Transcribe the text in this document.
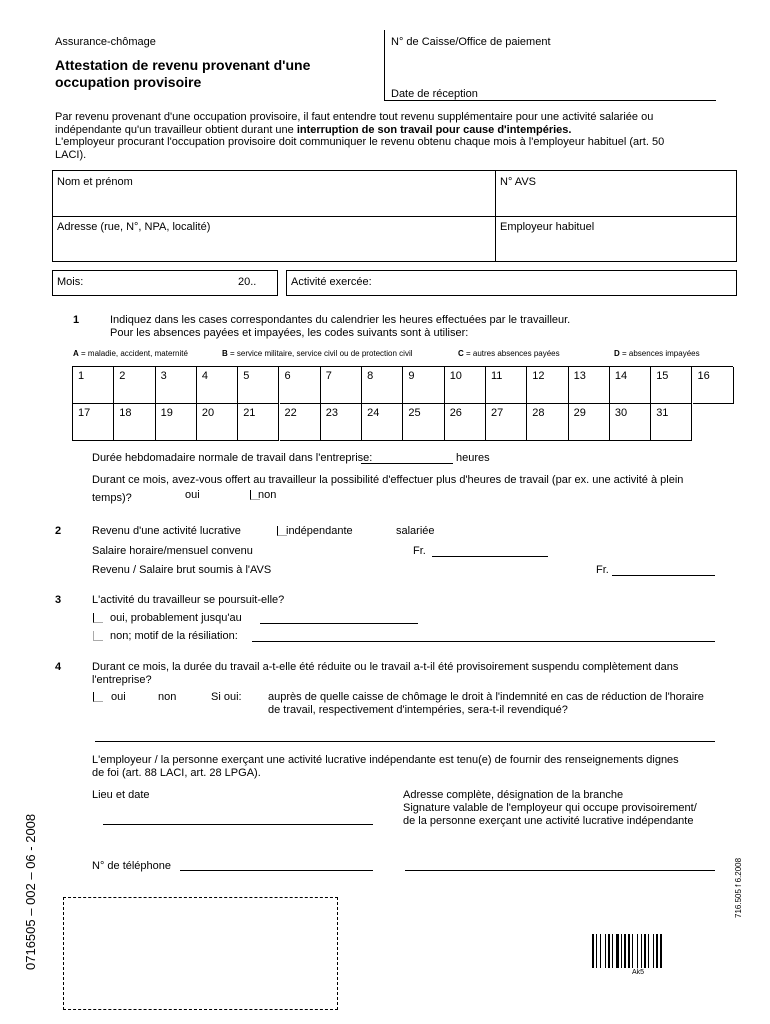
Assurance-chômage
Attestation de revenu provenant d'une
occupation provisoire
N° de Caisse/Office de paiement
Date de réception
Par revenu provenant d'une occupation provisoire, il faut entendre tout revenu supplémentaire pour une activité salariée ou
indépendante qu'un travailleur obtient durant une interruption de son travail pour cause d'intempéries.
L'employeur procurant l'occupation provisoire doit communiquer le revenu obtenu chaque mois à l'employeur habituel (art. 50
LACI).
Nom et prénom	N° AVS
Adresse (rue, N°, NPA, localité)	Employeur habituel
Mois:	20..	Activité exercée:
1	Indiquez dans les cases correspondantes du calendrier les heures effectuées par le travailleur.
Pour les absences payées et impayées, les codes suivants sont à utiliser:
A = maladie, accident, maternité	B = service militaire, service civil ou de protection civil	C = autres absences payées	D = absences impayées
1	2	3	4	5	6	7	8	9	10	11	12	13	14	15	16
17	18	19	20	21	22	23	24	25	26	27	28	29	30	31
Durée hebdomadaire normale de travail dans l'entreprise:	heures
Durant ce mois, avez-vous offert au travailleur la possibilité d'effectuer plus d'heures de travail (par ex. une activité à plein
temps)?	oui	non
2	Revenu d'une activité lucrative	indépendante	salariée
Salaire horaire/mensuel convenu	Fr.
Revenu / Salaire brut soumis à l'AVS	Fr.
3	L'activité du travailleur se poursuit-elle?
oui, probablement jusqu'au
non; motif de la résiliation:
4	Durant ce mois, la durée du travail a-t-elle été réduite ou le travail a-t-il été provisoirement suspendu complètement dans
l'entreprise?
oui	non	Si oui: auprès de quelle caisse de chômage le droit à l'indemnité en cas de réduction de l'horaire
de travail, respectivement d'intempéries, sera-t-il revendiqué?
L'employeur / la personne exerçant une activité lucrative indépendante est tenu(e) de fournir des renseignements dignes
de foi (art. 88 LACI, art. 28 LPGA).
Lieu et date	Adresse complète, désignation de la branche
Signature valable de l'employeur qui occupe provisoirement/
de la personne exerçant une activité lucrative indépendante
N° de téléphone
0716505 – 002 – 06 - 2008	716.505 f 6.2008
Ak5
